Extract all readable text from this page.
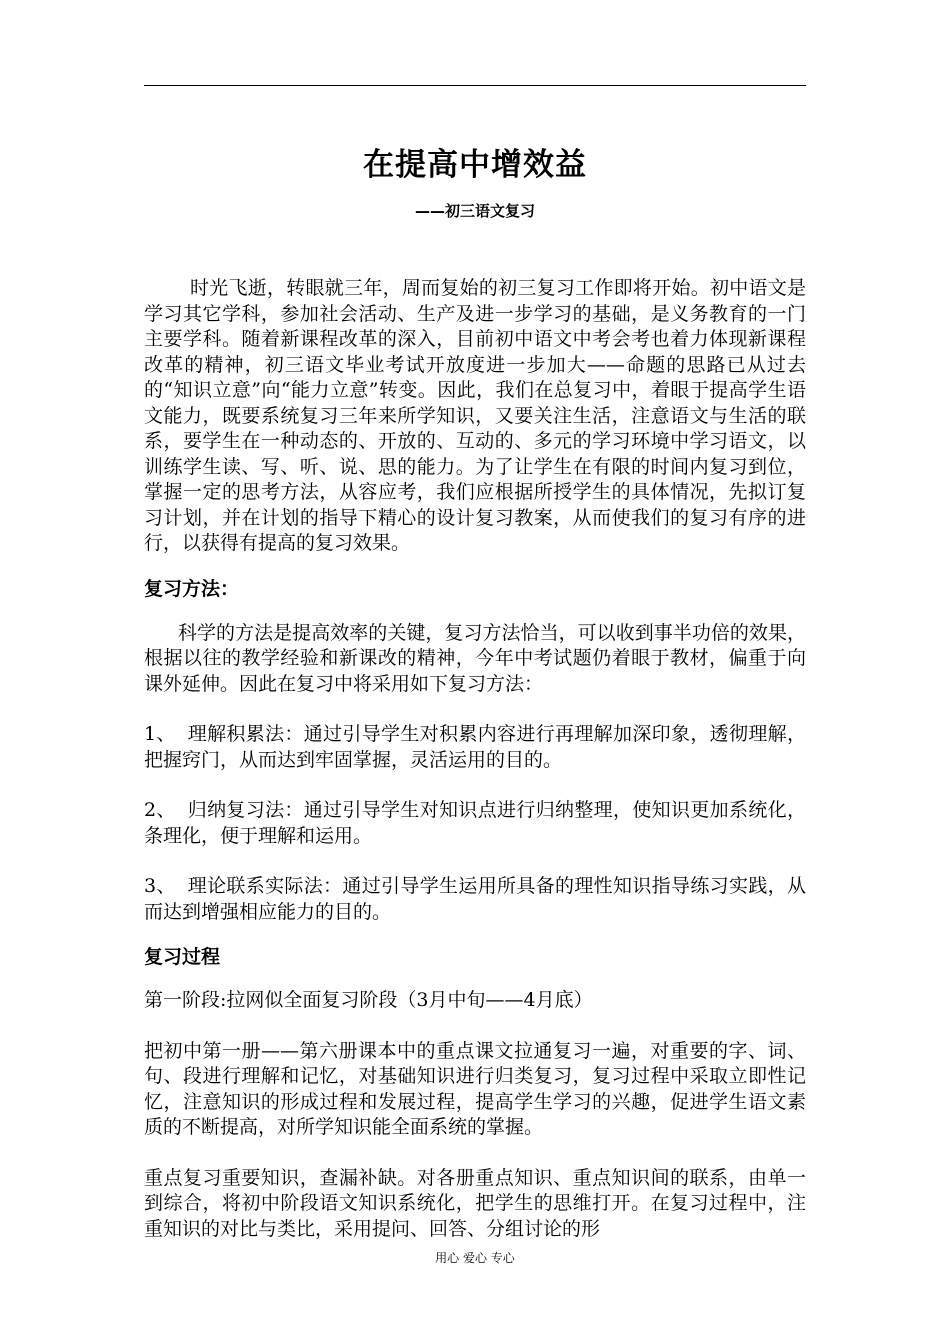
在提高中增效益

——初三语文复习

时光飞逝，转眼就三年，周而复始的初三复习工作即将开始。初中语文是学习其它学科，参加社会活动、生产及进一步学习的基础，是义务教育的一门主要学科。随着新课程改革的深入，目前初中语文中考会考也着力体现新课程改革的精神，初三语文毕业考试开放度进一步加大——命题的思路已从过去的“知识立意”向“能力立意”转变。因此，我们在总复习中，着眼于提高学生语文能力，既要系统复习三年来所学知识，又要关注生活，注意语文与生活的联系，要学生在一种动态的、开放的、互动的、多元的学习环境中学习语文，以训练学生读、写、听、说、思的能力。为了让学生在有限的时间内复习到位，掌握一定的思考方法，从容应考，我们应根据所授学生的具体情况，先拟订复习计划，并在计划的指导下精心的设计复习教案，从而使我们的复习有序的进行，以获得有提高的复习效果。

复习方法：

科学的方法是提高效率的关键，复习方法恰当，可以收到事半功倍的效果，根据以往的教学经验和新课改的精神，今年中考试题仍着眼于教材，偏重于向课外延伸。因此在复习中将采用如下复习方法：

1、 理解积累法：通过引导学生对积累内容进行再理解加深印象，透彻理解，把握窍门，从而达到牢固掌握，灵活运用的目的。

2、 归纳复习法：通过引导学生对知识点进行归纳整理，使知识更加系统化，条理化，便于理解和运用。

3、 理论联系实际法：通过引导学生运用所具备的理性知识指导练习实践，从而达到增强相应能力的目的。

复习过程

第一阶段:拉网似全面复习阶段（3月中旬——4月底）

把初中第一册——第六册课本中的重点课文拉通复习一遍，对重要的字、词、句、段进行理解和记忆，对基础知识进行归类复习，复习过程中采取立即性记忆，注意知识的形成过程和发展过程，提高学生学习的兴趣，促进学生语文素质的不断提高，对所学知识能全面系统的掌握。

重点复习重要知识，查漏补缺。对各册重点知识、重点知识间的联系，由单一到综合，将初中阶段语文知识系统化，把学生的思维打开。在复习过程中，注重知识的对比与类比，采用提问、回答、分组讨论的形

用心 爱心 专心
